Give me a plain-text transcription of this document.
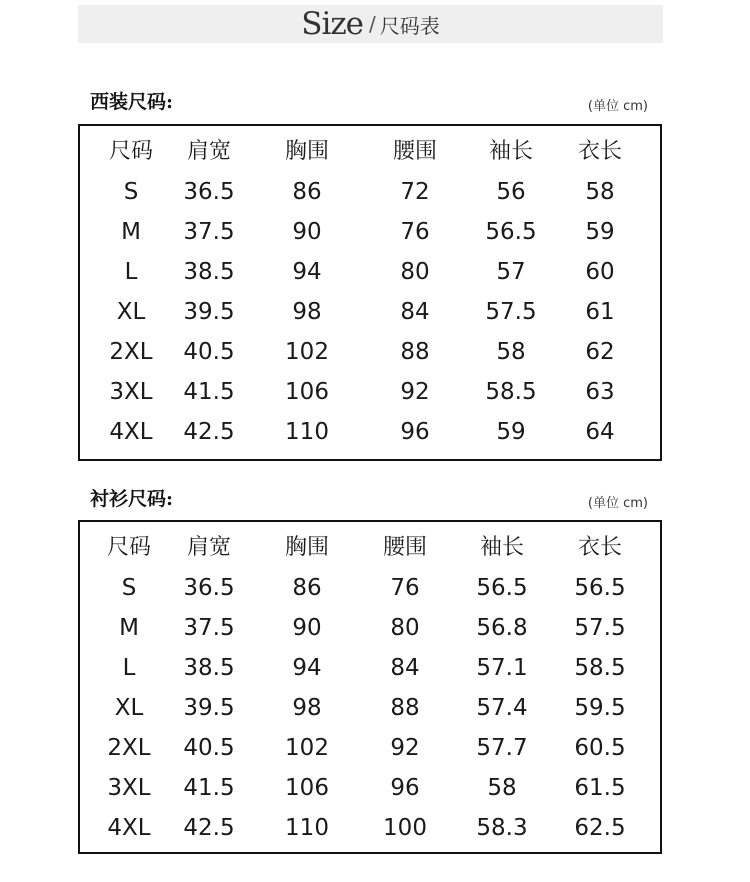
Size / 尺码表
西装尺码:	(单位 cm)
尺码 肩宽 胸围	腰围 袖长 衣长
S 36.5	86	72	56	58
M 37.5	90	76 56.5 59
L 38.5	94	80	57	60
XL 39.5	98	84 57.5 61
2XL 40.5 102	88	58	62
3XL 41.5 106	92 58.5 63
4XL 42.5 110	96	59	64
衬衫尺码:	(单位 cm)
尺码 肩宽 胸围 腰围 袖长 衣长
S 36.5	86	76 56.5 56.5
M 37.5	90	80 56.8 57.5
L 38.5	94	84 57.1 58.5
XL 39.5	98	88 57.4 59.5
2XL 40.5 102	92 57.7 60.5
3XL 41.5 106	96	58	61.5
4XL 42.5 110 100 58.3 62.5
